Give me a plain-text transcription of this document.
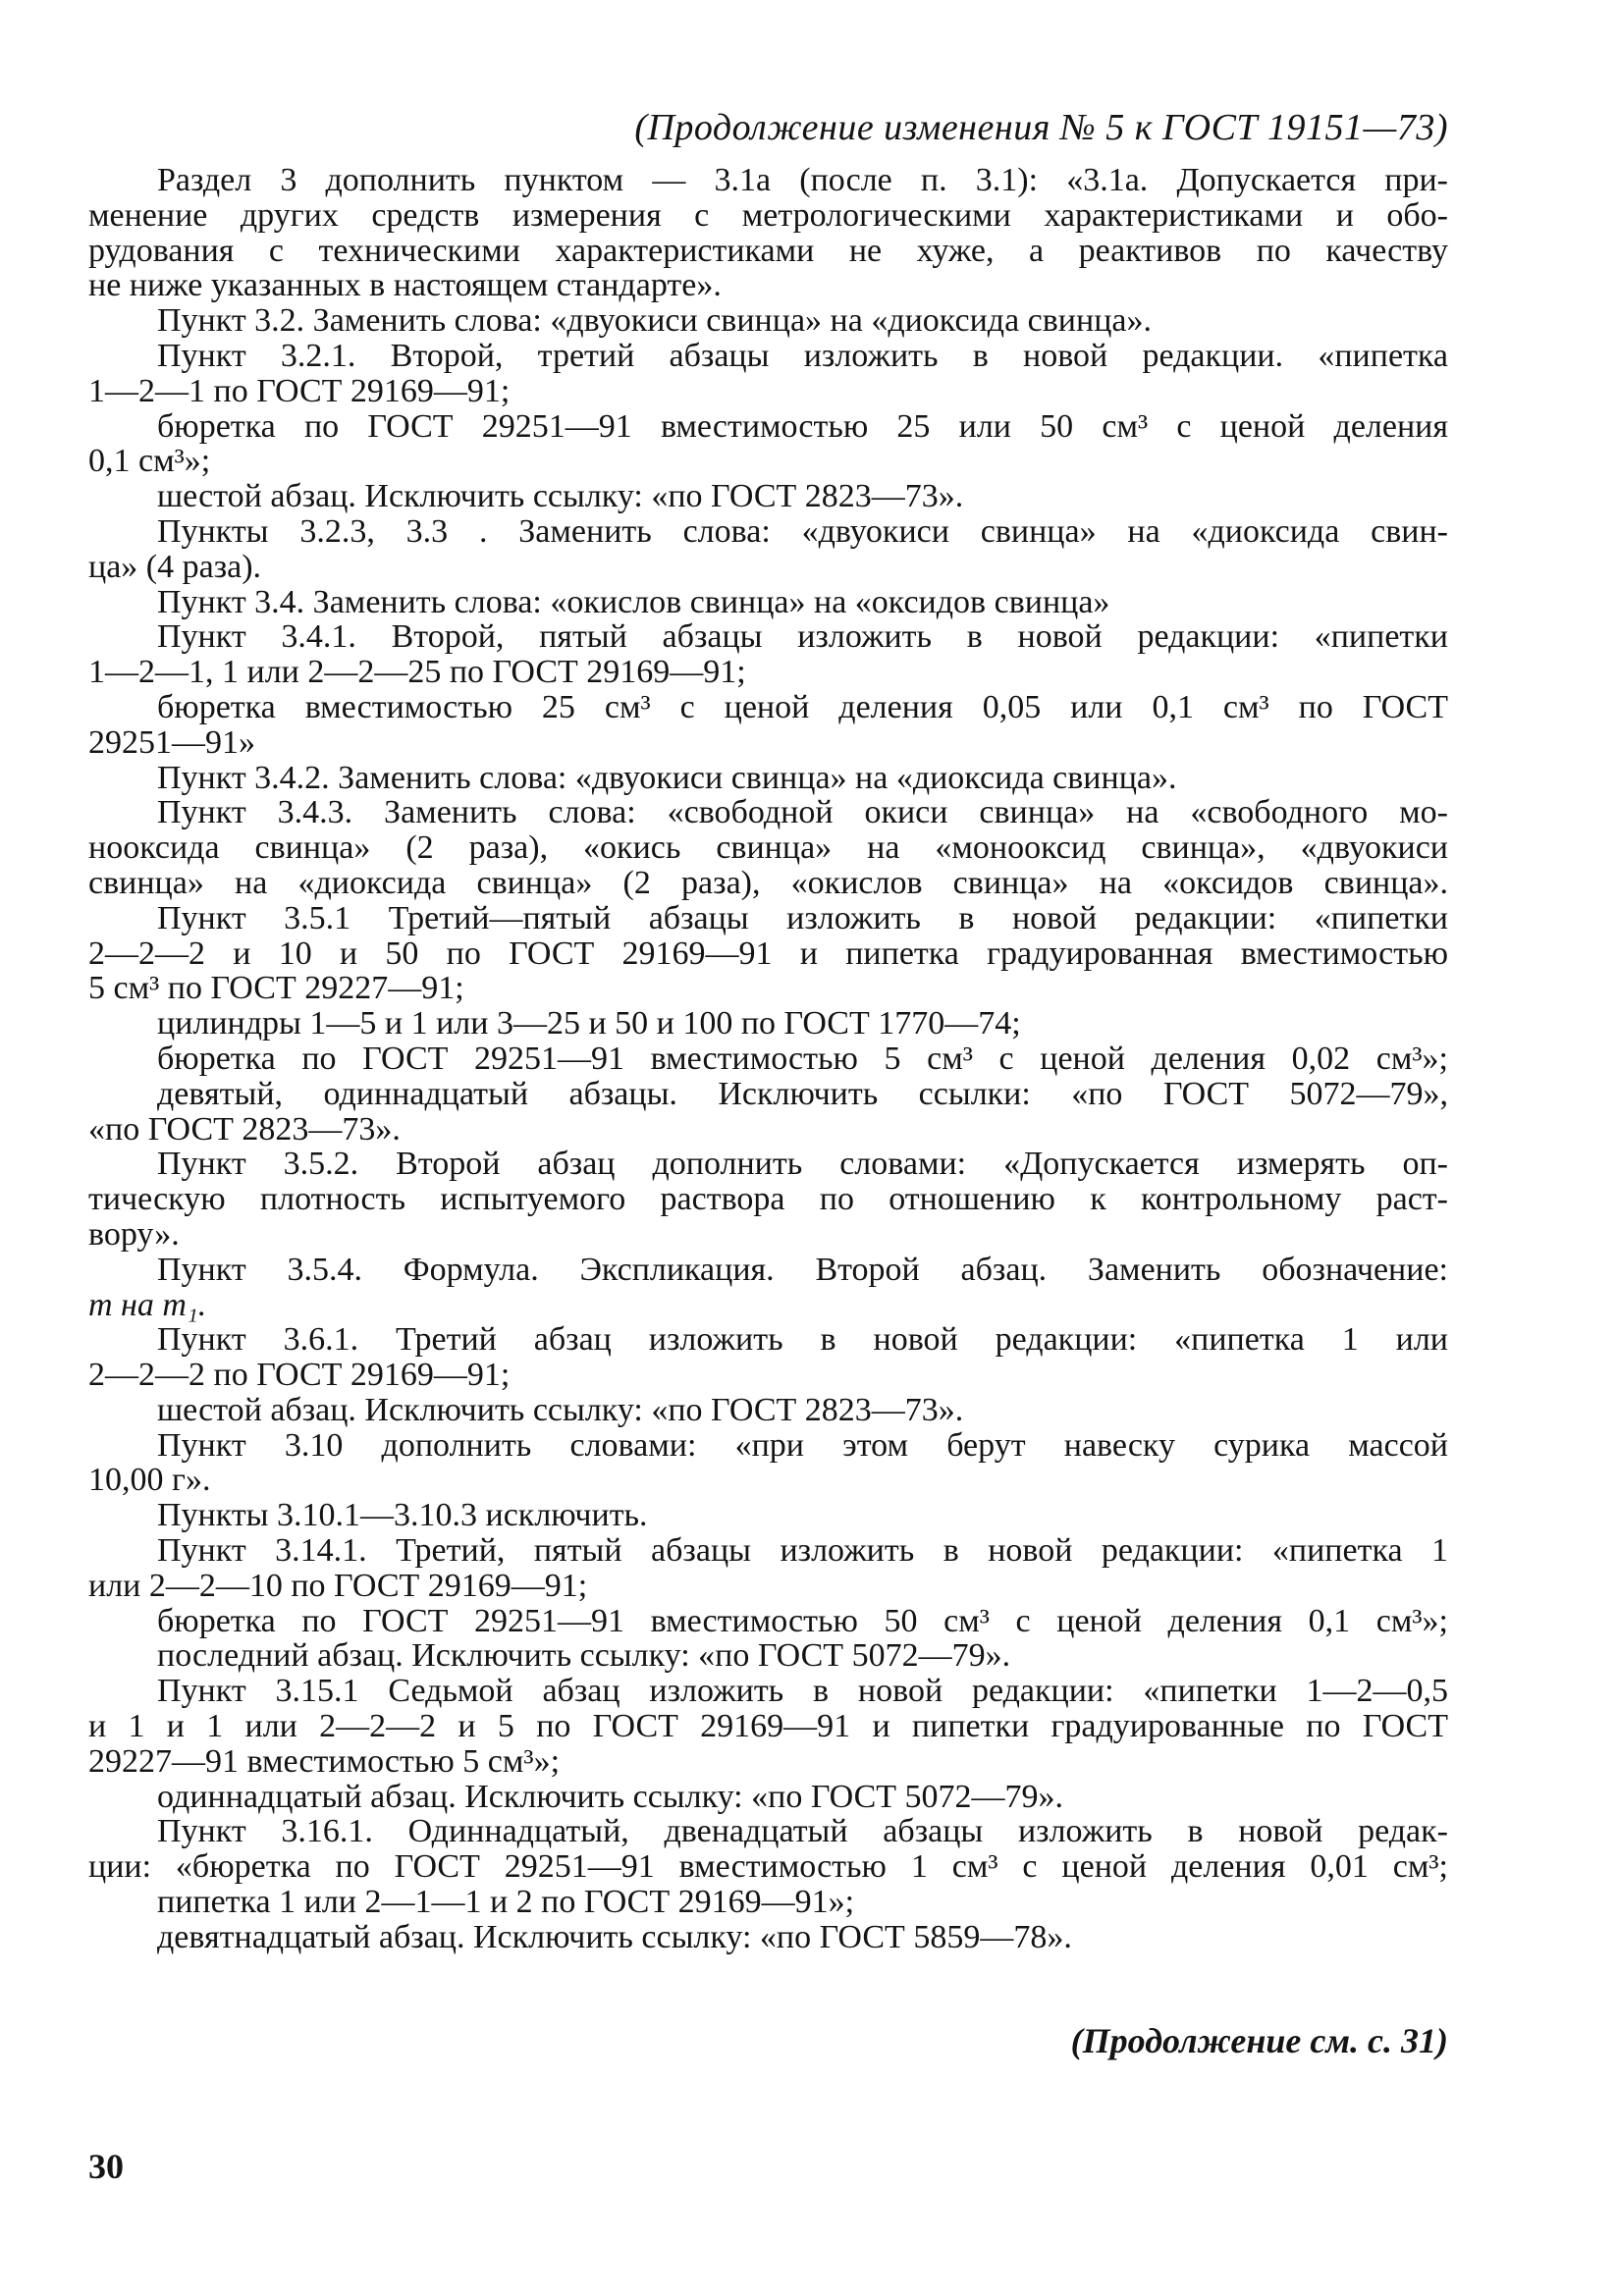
(Продолжение изменения № 5 к ГОСТ 19151—73)
Раздел 3 дополнить пунктом — 3.1а (после п. 3.1): «3.1а. Допускается при-
менение других средств измерения с метрологическими характеристиками и обо-
рудования с техническими характеристиками не хуже, а реактивов по качеству
не ниже указанных в настоящем стандарте».
Пункт 3.2. Заменить слова: «двуокиси свинца» на «диоксида свинца».
Пункт 3.2.1. Второй, третий абзацы изложить в новой редакции. «пипетка
1—2—1 по ГОСТ 29169—91;
бюретка по ГОСТ 29251—91 вместимостью 25 или 50 см³ с ценой деления
0,1 см³»;
шестой абзац. Исключить ссылку: «по ГОСТ 2823—73».
Пункты 3.2.3, 3.3 . Заменить слова: «двуокиси свинца» на «диоксида свин-
ца» (4 раза).
Пункт 3.4. Заменить слова: «окислов свинца» на «оксидов свинца»
Пункт 3.4.1. Второй, пятый абзацы изложить в новой редакции: «пипетки
1—2—1, 1 или 2—2—25 по ГОСТ 29169—91;
бюретка вместимостью 25 см³ с ценой деления 0,05 или 0,1 см³ по ГОСТ
29251—91»
Пункт 3.4.2. Заменить слова: «двуокиси свинца» на «диоксида свинца».
Пункт 3.4.3. Заменить слова: «свободной окиси свинца» на «свободного мо-
нооксида свинца» (2 раза), «окись свинца» на «монооксид свинца», «двуокиси
свинца» на «диоксида свинца» (2 раза), «окислов свинца» на «оксидов свинца».
Пункт 3.5.1 Третий—пятый абзацы изложить в новой редакции: «пипетки
2—2—2 и 10 и 50 по ГОСТ 29169—91 и пипетка градуированная вместимостью
5 см³ по ГОСТ 29227—91;
цилиндры 1—5 и 1 или 3—25 и 50 и 100 по ГОСТ 1770—74;
бюретка по ГОСТ 29251—91 вместимостью 5 см³ с ценой деления 0,02 см³»;
девятый, одиннадцатый абзацы. Исключить ссылки: «по ГОСТ 5072—79»,
«по ГОСТ 2823—73».
Пункт 3.5.2. Второй абзац дополнить словами: «Допускается измерять оп-
тическую плотность испытуемого раствора по отношению к контрольному раст-
вору».
Пункт 3.5.4. Формула. Экспликация. Второй абзац. Заменить обозначение:
m на m₁.
Пункт 3.6.1. Третий абзац изложить в новой редакции: «пипетка 1 или
2—2—2 по ГОСТ 29169—91;
шестой абзац. Исключить ссылку: «по ГОСТ 2823—73».
Пункт 3.10 дополнить словами: «при этом берут навеску сурика массой
10,00 г».
Пункты 3.10.1—3.10.3 исключить.
Пункт 3.14.1. Третий, пятый абзацы изложить в новой редакции: «пипетка 1
или 2—2—10 по ГОСТ 29169—91;
бюретка по ГОСТ 29251—91 вместимостью 50 см³ с ценой деления 0,1 см³»;
последний абзац. Исключить ссылку: «по ГОСТ 5072—79».
Пункт 3.15.1 Седьмой абзац изложить в новой редакции: «пипетки 1—2—0,5
и 1 и 1 или 2—2—2 и 5 по ГОСТ 29169—91 и пипетки градуированные по ГОСТ
29227—91 вместимостью 5 см³»;
одиннадцатый абзац. Исключить ссылку: «по ГОСТ 5072—79».
Пункт 3.16.1. Одиннадцатый, двенадцатый абзацы изложить в новой редак-
ции: «бюретка по ГОСТ 29251—91 вместимостью 1 см³ с ценой деления 0,01 см³;
пипетка 1 или 2—1—1 и 2 по ГОСТ 29169—91»;
девятнадцатый абзац. Исключить ссылку: «по ГОСТ 5859—78».
(Продолжение см. с. 31)
30
